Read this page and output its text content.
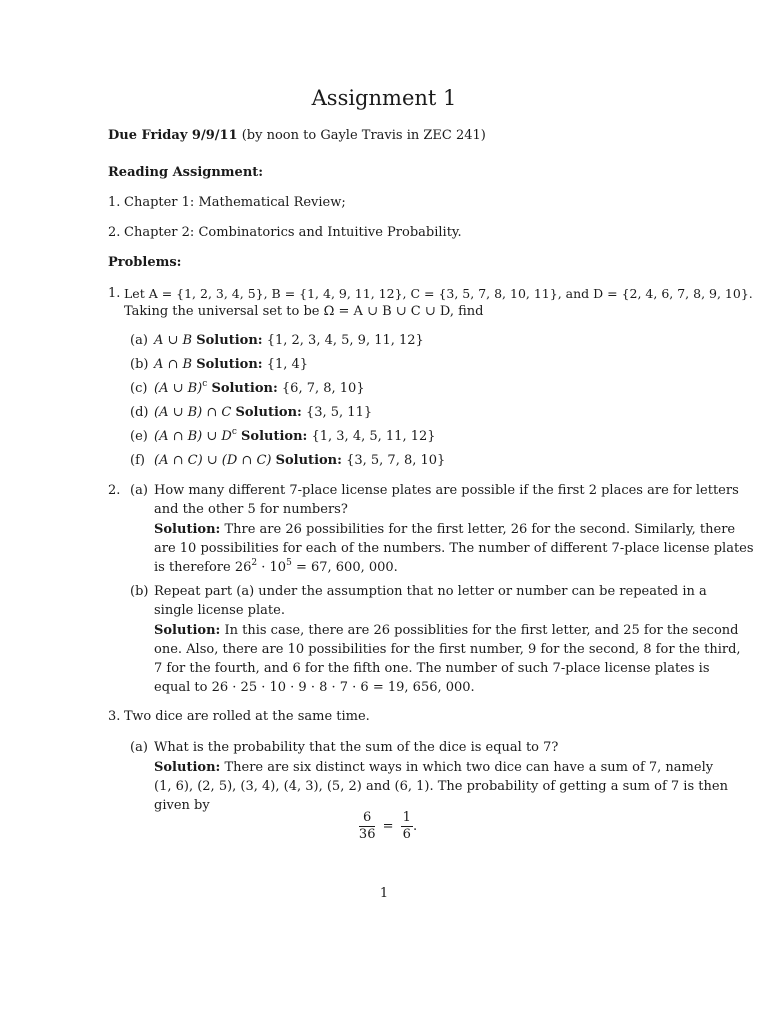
Assignment 1
Due Friday 9/9/11 (by noon to Gayle Travis in ZEC 241)
Reading Assignment:
1. Chapter 1: Mathematical Review;
2. Chapter 2: Combinatorics and Intuitive Probability.
Problems:
1. Let A = {1, 2, 3, 4, 5}, B = {1, 4, 9, 11, 12}, C = {3, 5, 7, 8, 10, 11}, and D = {2, 4, 6, 7, 8, 9, 10}.
Taking the universal set to be Ω = A ∪ B ∪ C ∪ D, find
(a) A ∪ B Solution: {1, 2, 3, 4, 5, 9, 11, 12}
(b) A ∩ B Solution: {1, 4}
(c) (A ∪ B)$^c$ Solution: {6, 7, 8, 10}
(d) (A ∪ B) ∩ C Solution: {3, 5, 11}
(e) (A ∩ B) ∪ $D^c$ Solution: {1, 3, 4, 5, 11, 12}
(f) (A ∩ C) ∪ (D ∩ C) Solution: {3, 5, 7, 8, 10}
2. (a) How many different 7-place license plates are possible if the first 2 places are for letters
and the other 5 for numbers?
Solution: Thre are 26 possibilities for the first letter, 26 for the second. Similarly, there
are 10 possibilities for each of the numbers. The number of different 7-place license plates
is therefore $26^2 \cdot 10^5 = 67$, 600, 000.
(b) Repeat part (a) under the assumption that no letter or number can be repeated in a
single license plate.
Solution: In this case, there are 26 possiblities for the first letter, and 25 for the second
one. Also, there are 10 possibilities for the first number, 9 for the second, 8 for the third,
7 for the fourth, and 6 for the fifth one. The number of such 7-place license plates is
equal to 26 · 25 · 10 · 9 · 8 · 7 · 6 = 19, 656, 000.
3. Two dice are rolled at the same time.
(a) What is the probability that the sum of the dice is equal to 7?
Solution: There are six distinct ways in which two dice can have a sum of 7, namely
(1, 6), (2, 5), (3, 4), (4, 3), (5, 2) and (6, 1). The probability of getting a sum of 7 is then
given by
$\frac{6}{36} = \frac{1}{6}$ .
1
